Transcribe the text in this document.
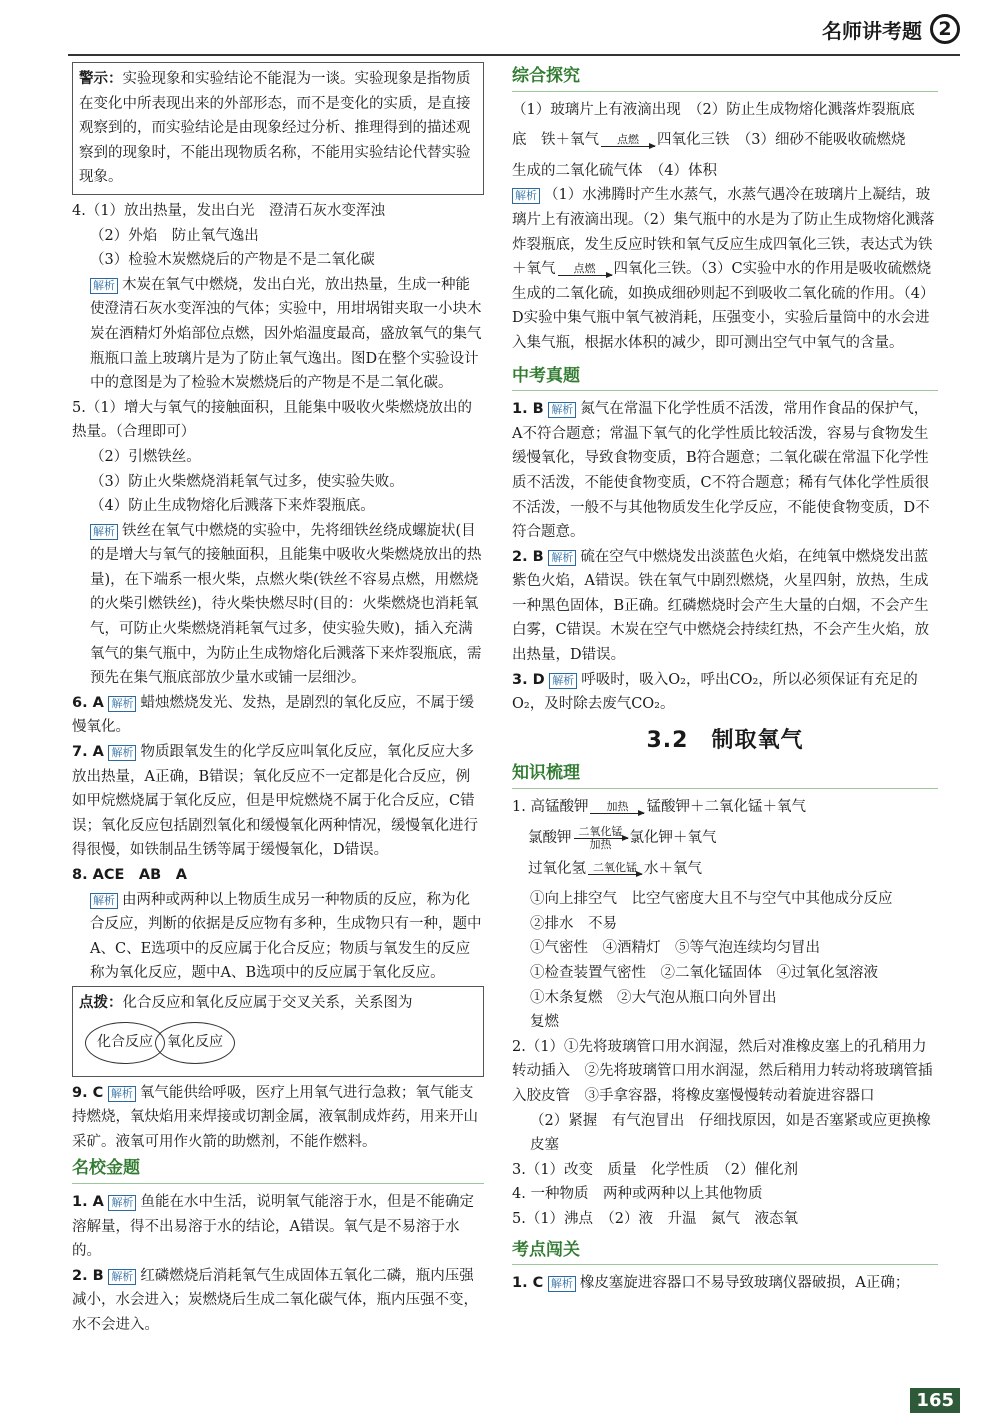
名师讲考题 2
警示：实验现象和实验结论不能混为一谈。实验现象是指物质在变化中所表现出来的外部形态，而不是变化的实质，是直接观察到的，而实验结论是由现象经过分析、推理得到的描述观察到的现象时，不能出现物质名称，不能用实验结论代替实验现象。
4.（1）放出热量，发出白光　澄清石灰水变浑浊
（2）外焰　防止氧气逸出
（3）检验木炭燃烧后的产物是不是二氧化碳
解析 木炭在氧气中燃烧，发出白光，放出热量，生成一种能使澄清石灰水变浑浊的气体；实验中，用坩埚钳夹取一小块木炭在酒精灯外焰部位点燃，因外焰温度最高，盛放氧气的集气瓶瓶口盖上玻璃片是为了防止氧气逸出。图D在整个实验设计中的意图是为了检验木炭燃烧后的产物是不是二氧化碳。
5.（1）增大与氧气的接触面积，且能集中吸收火柴燃烧放出的热量。（合理即可）
（2）引燃铁丝。
（3）防止火柴燃烧消耗氧气过多，使实验失败。
（4）防止生成物熔化后溅落下来炸裂瓶底。
解析 铁丝在氧气中燃烧的实验中，先将细铁丝绕成螺旋状(目的是增大与氧气的接触面积，且能集中吸收火柴燃烧放出的热量)，在下端系一根火柴，点燃火柴(铁丝不容易点燃，用燃烧的火柴引燃铁丝)，待火柴快燃尽时(目的：火柴燃烧也消耗氧气，可防止火柴燃烧消耗氧气过多，使实验失败)，插入充满氧气的集气瓶中，为防止生成物熔化后溅落下来炸裂瓶底，需预先在集气瓶底部放少量水或铺一层细沙。
6. A 解析 蜡烛燃烧发光、发热，是剧烈的氧化反应，不属于缓慢氧化。
7. A 解析 物质跟氧发生的化学反应叫氧化反应，氧化反应大多放出热量，A正确，B错误；氧化反应不一定都是化合反应，例如甲烷燃烧属于氧化反应，但是甲烷燃烧不属于化合反应，C错误；氧化反应包括剧烈氧化和缓慢氧化两种情况，缓慢氧化进行得很慢，如铁制品生锈等属于缓慢氧化，D错误。
8. ACE　AB　A
解析 由两种或两种以上物质生成另一种物质的反应，称为化合反应，判断的依据是反应物有多种，生成物只有一种，题中A、C、E选项中的反应属于化合反应；物质与氧发生的反应称为氧化反应，题中A、B选项中的反应属于氧化反应。
点拨：化合反应和氧化反应属于交叉关系，关系图为
化合反应	氧化反应
9. C 解析 氧气能供给呼吸，医疗上用氧气进行急救；氧气能支持燃烧，氧炔焰用来焊接或切割金属，液氧制成炸药，用来开山采矿。液氧可用作火箭的助燃剂，不能作燃料。
名校金题
1. A 解析 鱼能在水中生活，说明氧气能溶于水，但是不能确定溶解量，得不出易溶于水的结论，A错误。氧气是不易溶于水的。
2. B 解析 红磷燃烧后消耗氧气生成固体五氧化二磷，瓶内压强减小，水会进入；炭燃烧后生成二氧化碳气体，瓶内压强不变，水不会进入。
综合探究
（1）玻璃片上有液滴出现　（2）防止生成物熔化溅落炸裂瓶底
底　铁＋氧气 点燃 四氧化三铁　（3）细砂不能吸收硫燃烧
生成的二氧化硫气体　（4）体积
解析 （1）水沸腾时产生水蒸气，水蒸气遇冷在玻璃片上凝结，玻璃片上有液滴出现。（2）集气瓶中的水是为了防止生成物熔化溅落炸裂瓶底，发生反应时铁和氧气反应生成四氧化三铁，表达式为铁＋氧气 点燃 四氧化三铁。（3）C实验中水的作用是吸收硫燃烧生成的二氧化硫，如换成细砂则起不到吸收二氧化硫的作用。（4）D实验中集气瓶中氧气被消耗，压强变小，实验后量筒中的水会进入集气瓶，根据水体积的减少，即可测出空气中氧气的含量。
中考真题
1. B 解析 氮气在常温下化学性质不活泼，常用作食品的保护气，A不符合题意；常温下氧气的化学性质比较活泼，容易与食物发生缓慢氧化，导致食物变质，B符合题意；二氧化碳在常温下化学性质不活泼，不能使食物变质，C不符合题意；稀有气体化学性质很不活泼，一般不与其他物质发生化学反应，不能使食物变质，D不符合题意。
2. B 解析 硫在空气中燃烧发出淡蓝色火焰，在纯氧中燃烧发出蓝紫色火焰，A错误。铁在氧气中剧烈燃烧，火星四射，放热，生成一种黑色固体，B正确。红磷燃烧时会产生大量的白烟，不会产生白雾，C错误。木炭在空气中燃烧会持续红热，不会产生火焰，放出热量，D错误。
3. D 解析 呼吸时，吸入O₂，呼出CO₂，所以必须保证有充足的O₂，及时除去废气CO₂。
3.2　制取氧气
知识梳理
1. 高锰酸钾 加热 锰酸钾＋二氧化锰＋氧气
氯酸钾 二氧化锰
加热 氯化钾＋氧气
过氧化氢 二氧化锰 水＋氧气
①向上排空气　比空气密度大且不与空气中其他成分反应
②排水　不易
①气密性　④酒精灯　⑤等气泡连续均匀冒出
①检查装置气密性　②二氧化锰固体　④过氧化氢溶液
①木条复燃　②大气泡从瓶口向外冒出
复燃
2.（1）①先将玻璃管口用水润湿，然后对准橡皮塞上的孔稍用力转动插入　②先将玻璃管口用水润湿，然后稍用力转动将玻璃管插入胶皮管　③手拿容器，将橡皮塞慢慢转动着旋进容器口
（2）紧握　有气泡冒出　仔细找原因，如是否塞紧或应更换橡皮塞
3.（1）改变　质量　化学性质　（2）催化剂
4. 一种物质　两种或两种以上其他物质
5.（1）沸点　（2）液　升温　氮气　液态氧
考点闯关
1. C 解析 橡皮塞旋进容器口不易导致玻璃仪器破损，A正确；
165
